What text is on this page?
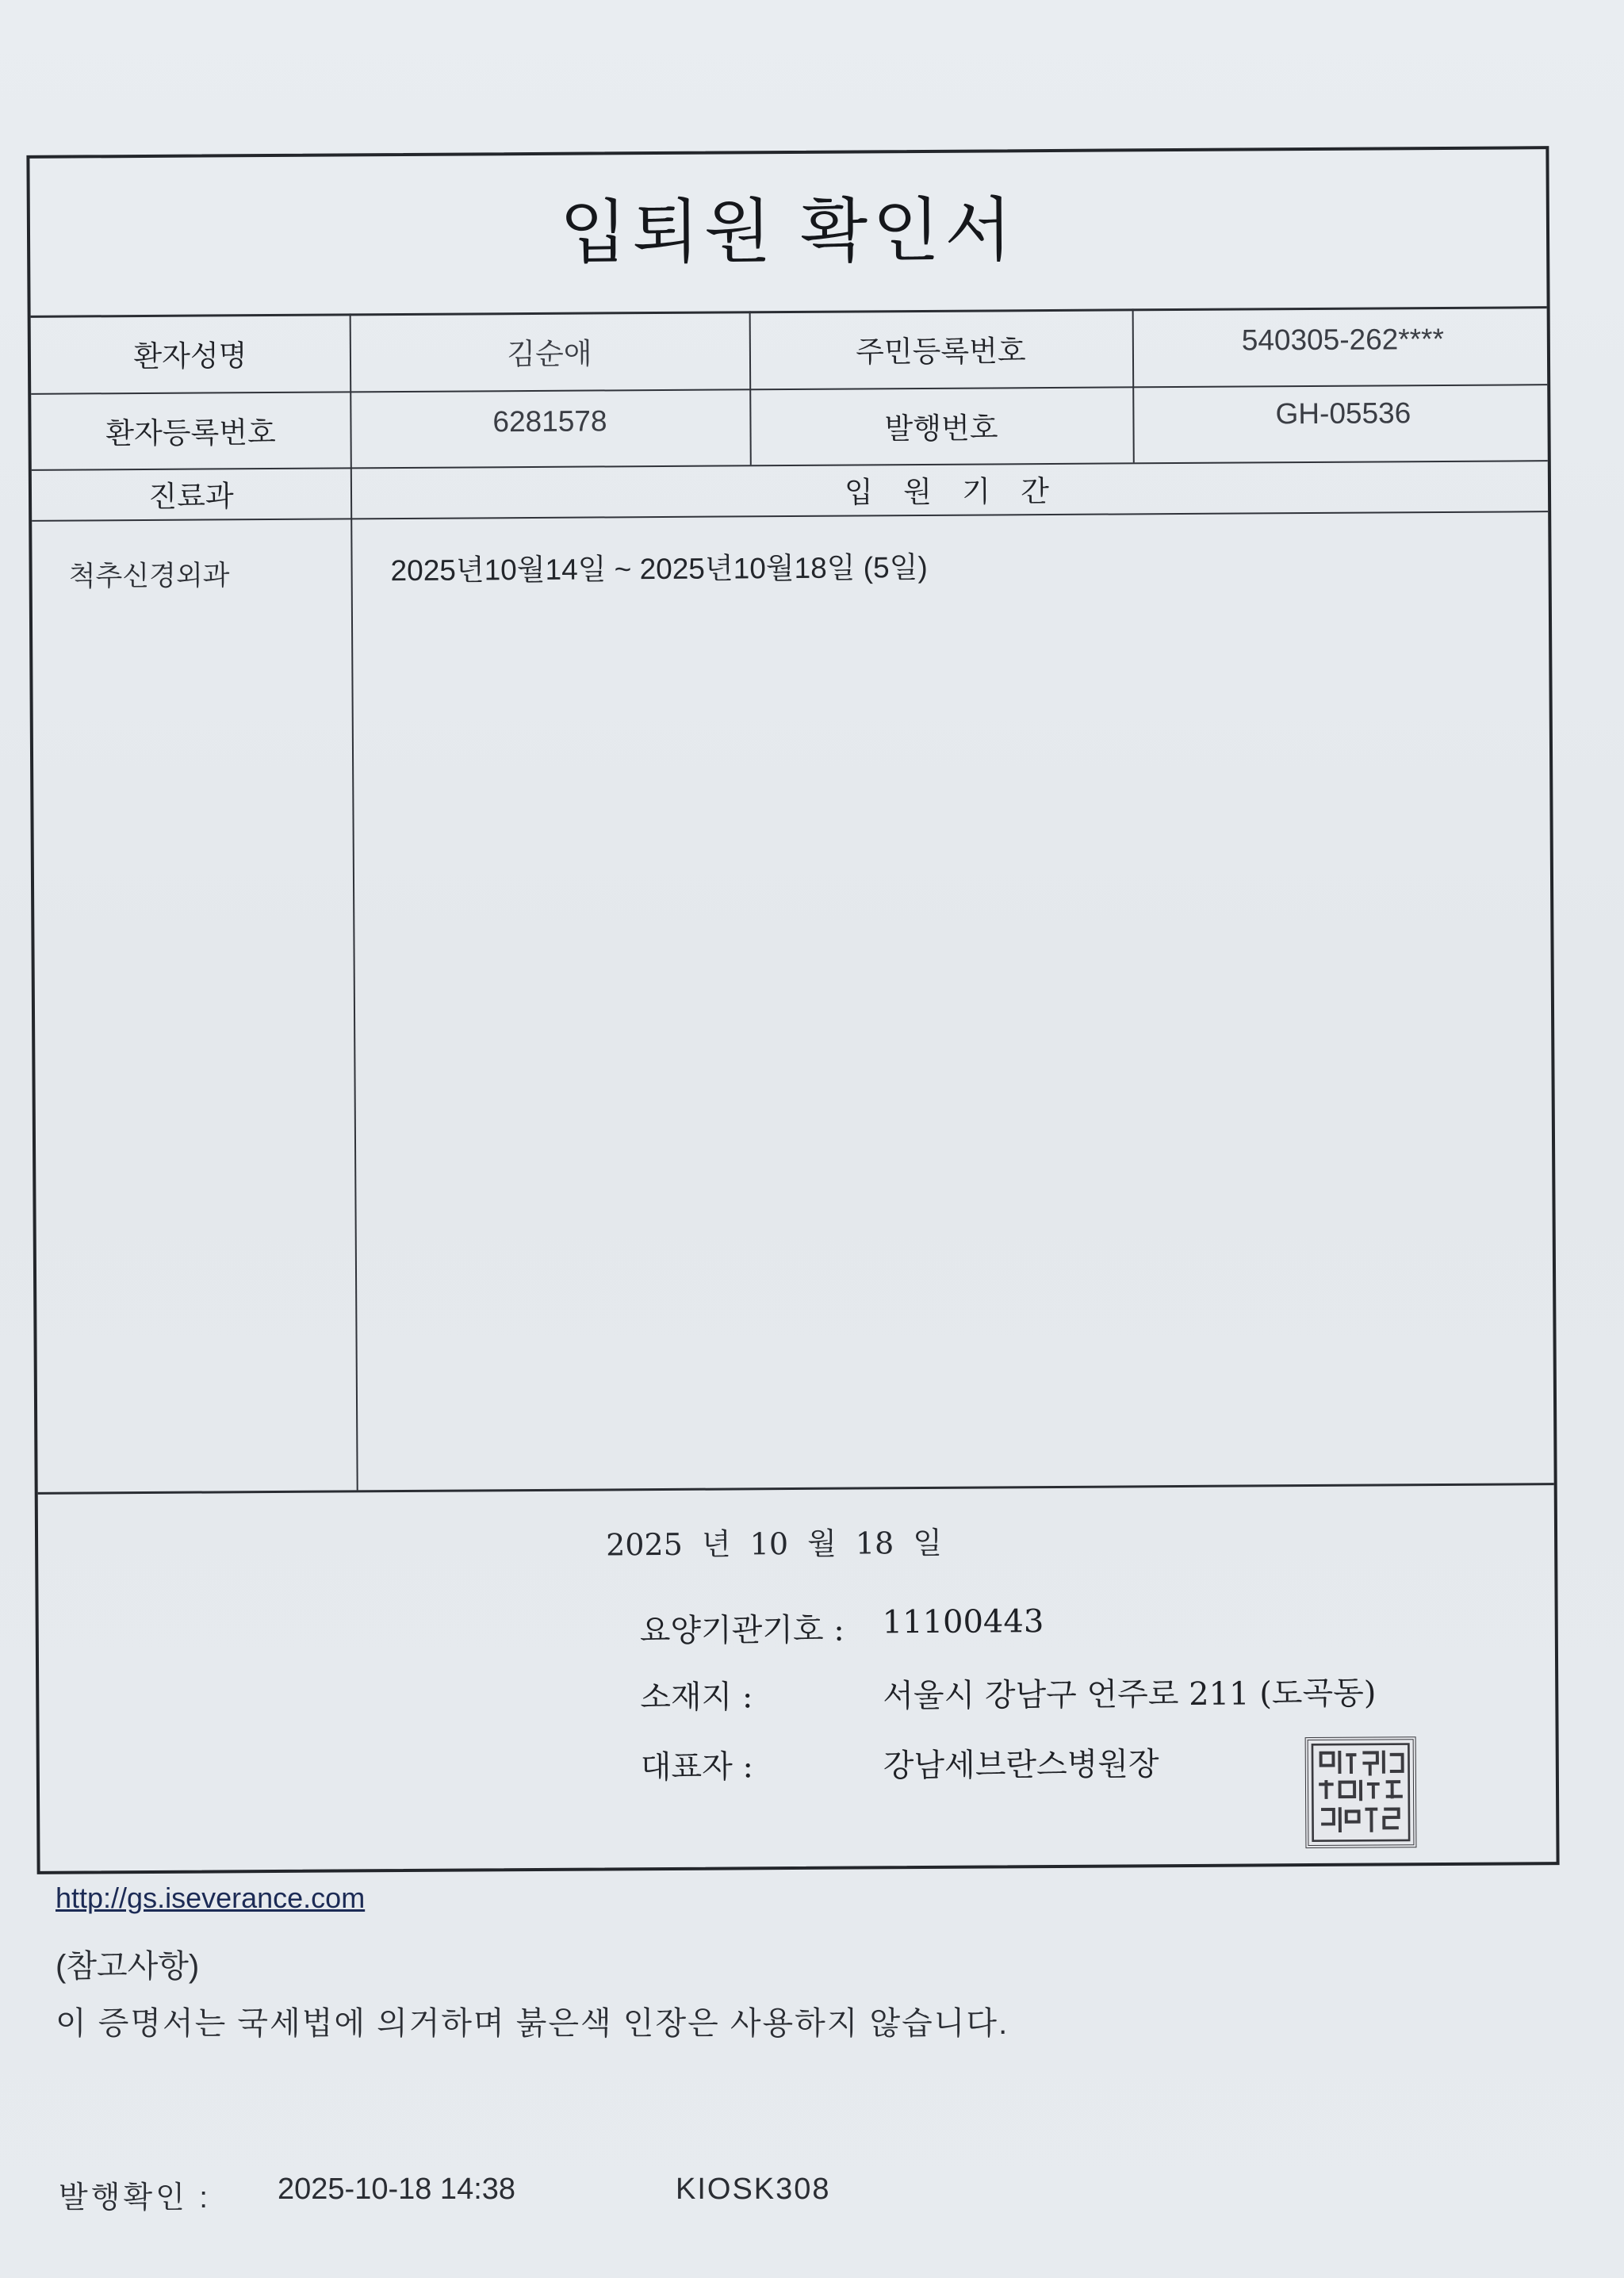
입퇴원 확인서
환자성명	김순애	주민등록번호	540305-262****
환자등록번호	6281578	발행번호	GH-05536
진료과	입 원 기 간
척추신경외과	2025년10월14일 ~ 2025년10월18일 (5일)
2025 년 10 월 18 일
요양기관기호 : 11100443
소재지 :	서울시 강남구 언주로 211 (도곡동)
대표자 :	강남세브란스병원장
http://gs.iseverance.com
(참고사항)
이 증명서는 국세법에 의거하며 붉은색 인장은 사용하지 않습니다.
발행확인 : 2025-10-18 14:38	KIOSK308
